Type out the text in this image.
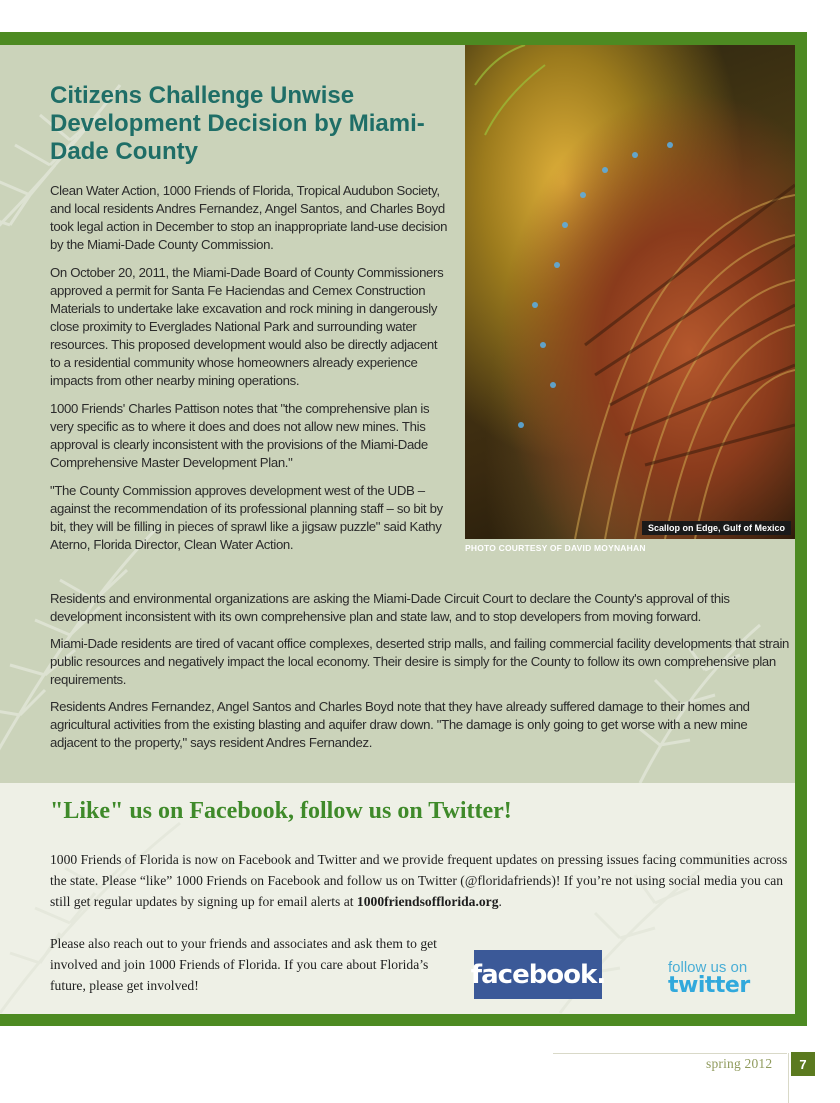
Citizens Challenge Unwise Development Decision by Miami-Dade County

Clean Water Action, 1000 Friends of Florida, Tropical Audubon Society, and local residents Andres Fernandez, Angel Santos, and Charles Boyd took legal action in December to stop an inappropriate land-use decision by the Miami-Dade County Commission.

On October 20, 2011, the Miami-Dade Board of County Commissioners approved a permit for Santa Fe Haciendas and Cemex Construction Materials to undertake lake excavation and rock mining in dangerously close proximity to Everglades National Park and surrounding water resources. This proposed development would also be directly adjacent to a residential community whose homeowners already experience impacts from other nearby mining operations.

1000 Friends' Charles Pattison notes that "the comprehensive plan is very specific as to where it does and does not allow new mines. This approval is clearly inconsistent with the provisions of the Miami-Dade Comprehensive Master Development Plan."

"The County Commission approves development west of the UDB – against the recommendation of its professional planning staff – so bit by bit, they will be filling in pieces of sprawl like a jigsaw puzzle" said Kathy Aterno, Florida Director, Clean Water Action.

Scallop on Edge, Gulf of Mexico
PHOTO COURTESY OF DAVID MOYNAHAN

Residents and environmental organizations are asking the Miami-Dade Circuit Court to declare the County's approval of this development inconsistent with its own comprehensive plan and state law, and to stop developers from moving forward.

Miami-Dade residents are tired of vacant office complexes, deserted strip malls, and failing commercial facility developments that strain public resources and negatively impact the local economy. Their desire is simply for the County to follow its own comprehensive plan requirements.

Residents Andres Fernandez, Angel Santos and Charles Boyd note that they have already suffered damage to their homes and agricultural activities from the existing blasting and aquifer draw down. "The damage is only going to get worse with a new mine adjacent to the property," says resident Andres Fernandez.

"Like" us on Facebook, follow us on Twitter!

1000 Friends of Florida is now on Facebook and Twitter and we provide frequent updates on pressing issues facing communities across the state. Please “like” 1000 Friends on Facebook and follow us on Twitter (@floridafriends)! If you’re not using social media you can still get regular updates by signing up for email alerts at 1000friendsofflorida.org.

Please also reach out to your friends and associates and ask them to get involved and join 1000 Friends of Florida. If you care about Florida’s future, please get involved!	facebook.	follow us on
twitter
spring 2012	7
